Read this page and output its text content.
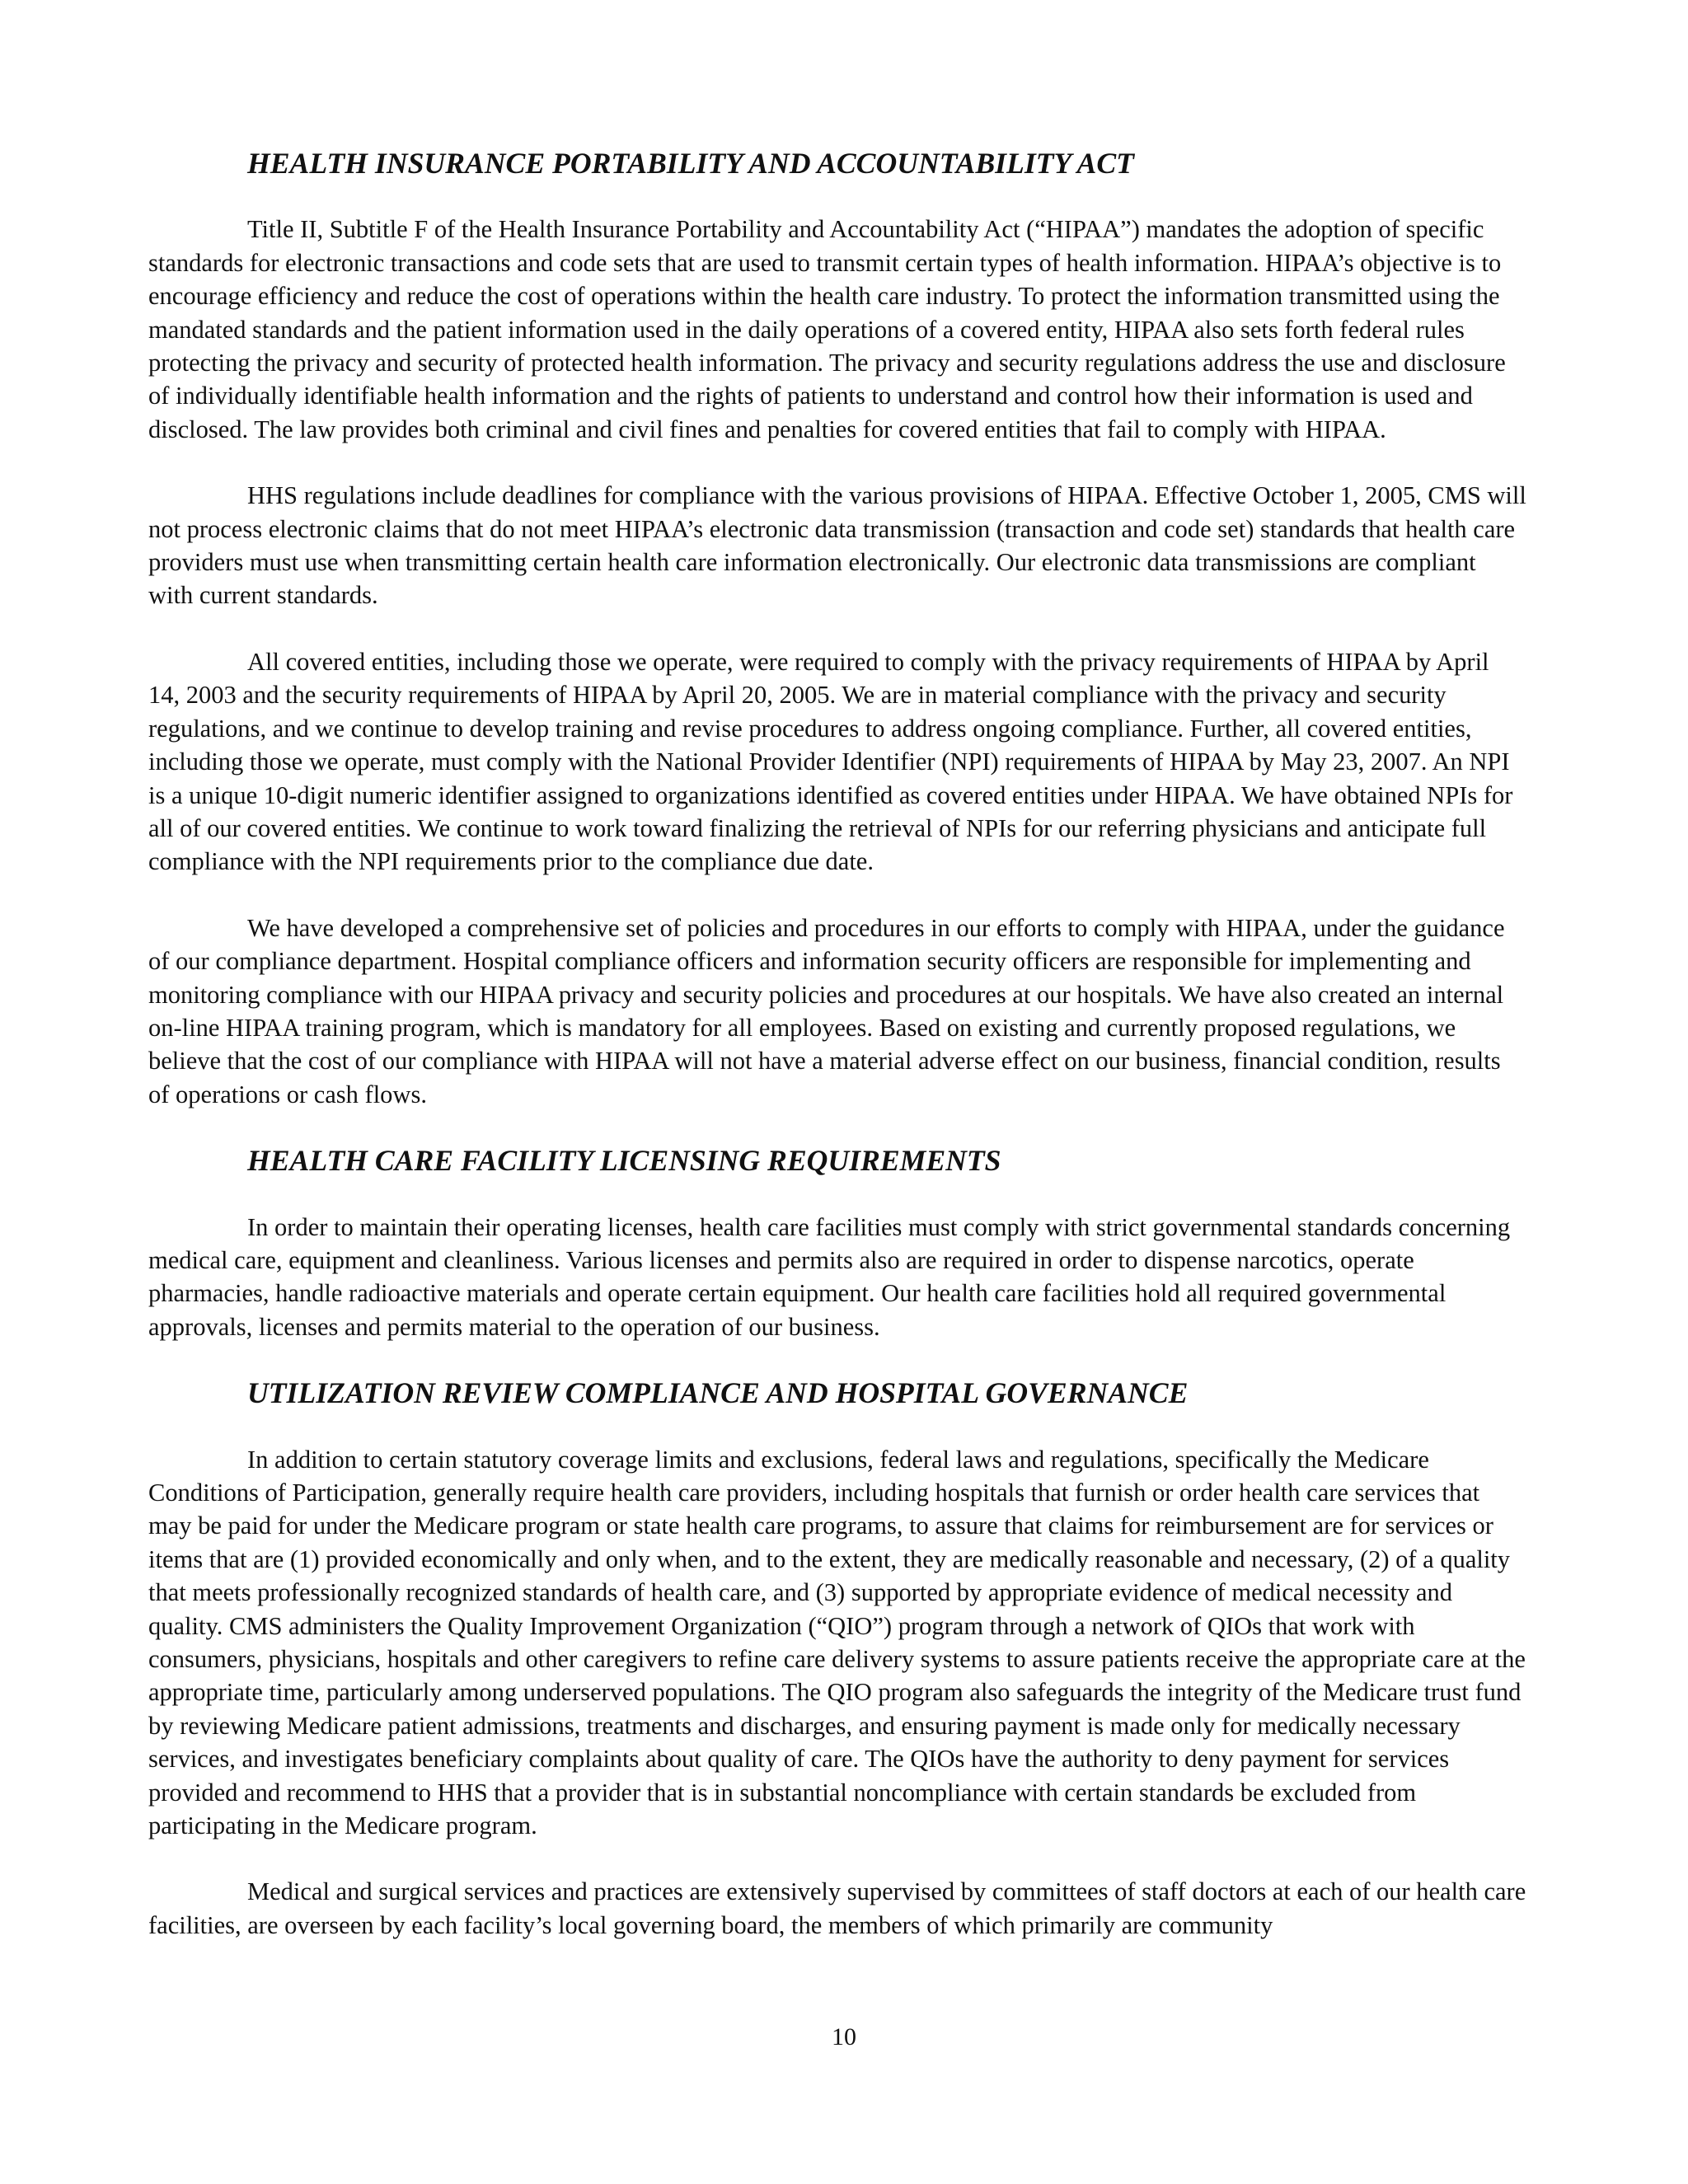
HEALTH INSURANCE PORTABILITY AND ACCOUNTABILITY ACT

Title II, Subtitle F of the Health Insurance Portability and Accountability Act (“HIPAA”) mandates the adoption of specific standards for electronic transactions and code sets that are used to transmit certain types of health information. HIPAA’s objective is to encourage efficiency and reduce the cost of operations within the health care industry. To protect the information transmitted using the mandated standards and the patient information used in the daily operations of a covered entity, HIPAA also sets forth federal rules protecting the privacy and security of protected health information. The privacy and security regulations address the use and disclosure of individually identifiable health information and the rights of patients to understand and control how their information is used and disclosed. The law provides both criminal and civil fines and penalties for covered entities that fail to comply with HIPAA.

HHS regulations include deadlines for compliance with the various provisions of HIPAA. Effective October 1, 2005, CMS will not process electronic claims that do not meet HIPAA’s electronic data transmission (transaction and code set) standards that health care providers must use when transmitting certain health care information electronically. Our electronic data transmissions are compliant with current standards.

All covered entities, including those we operate, were required to comply with the privacy requirements of HIPAA by April 14, 2003 and the security requirements of HIPAA by April 20, 2005. We are in material compliance with the privacy and security regulations, and we continue to develop training and revise procedures to address ongoing compliance. Further, all covered entities, including those we operate, must comply with the National Provider Identifier (NPI) requirements of HIPAA by May 23, 2007. An NPI is a unique 10-digit numeric identifier assigned to organizations identified as covered entities under HIPAA. We have obtained NPIs for all of our covered entities. We continue to work toward finalizing the retrieval of NPIs for our referring physicians and anticipate full compliance with the NPI requirements prior to the compliance due date.

We have developed a comprehensive set of policies and procedures in our efforts to comply with HIPAA, under the guidance of our compliance department. Hospital compliance officers and information security officers are responsible for implementing and monitoring compliance with our HIPAA privacy and security policies and procedures at our hospitals. We have also created an internal on-line HIPAA training program, which is mandatory for all employees. Based on existing and currently proposed regulations, we believe that the cost of our compliance with HIPAA will not have a material adverse effect on our business, financial condition, results of operations or cash flows.

HEALTH CARE FACILITY LICENSING REQUIREMENTS

In order to maintain their operating licenses, health care facilities must comply with strict governmental standards concerning medical care, equipment and cleanliness. Various licenses and permits also are required in order to dispense narcotics, operate pharmacies, handle radioactive materials and operate certain equipment. Our health care facilities hold all required governmental approvals, licenses and permits material to the operation of our business.

UTILIZATION REVIEW COMPLIANCE AND HOSPITAL GOVERNANCE

In addition to certain statutory coverage limits and exclusions, federal laws and regulations, specifically the Medicare Conditions of Participation, generally require health care providers, including hospitals that furnish or order health care services that may be paid for under the Medicare program or state health care programs, to assure that claims for reimbursement are for services or items that are (1) provided economically and only when, and to the extent, they are medically reasonable and necessary, (2) of a quality that meets professionally recognized standards of health care, and (3) supported by appropriate evidence of medical necessity and quality. CMS administers the Quality Improvement Organization (“QIO”) program through a network of QIOs that work with consumers, physicians, hospitals and other caregivers to refine care delivery systems to assure patients receive the appropriate care at the appropriate time, particularly among underserved populations. The QIO program also safeguards the integrity of the Medicare trust fund by reviewing Medicare patient admissions, treatments and discharges, and ensuring payment is made only for medically necessary services, and investigates beneficiary complaints about quality of care. The QIOs have the authority to deny payment for services provided and recommend to HHS that a provider that is in substantial noncompliance with certain standards be excluded from participating in the Medicare program.

Medical and surgical services and practices are extensively supervised by committees of staff doctors at each of our health care facilities, are overseen by each facility’s local governing board, the members of which primarily are community

10
